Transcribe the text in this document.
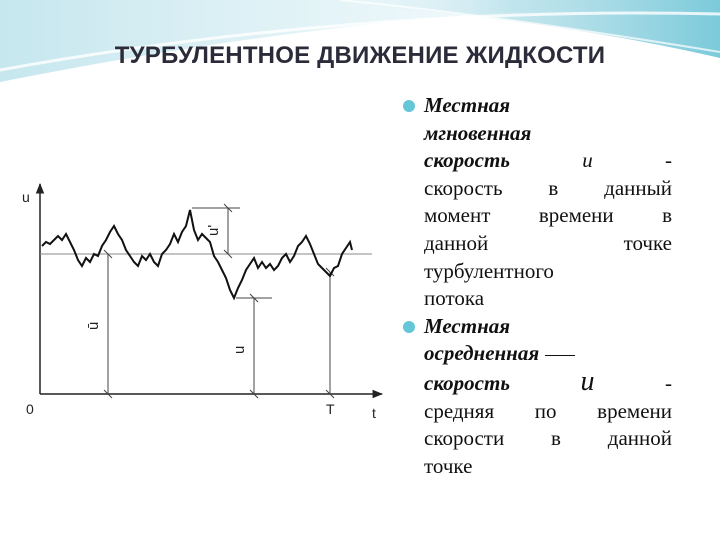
ТУРБУЛЕНТНОЕ ДВИЖЕНИЕ ЖИДКОСТИ
u
0	T	t
ū
u'
u
Местная
мгновенная
скорость	u	-
скорость в данный
момент времени в
данной точке
турбулентного
потока
Местная
осредненная
скорость	u	-
средняя по времени
скорости в данной
точке
